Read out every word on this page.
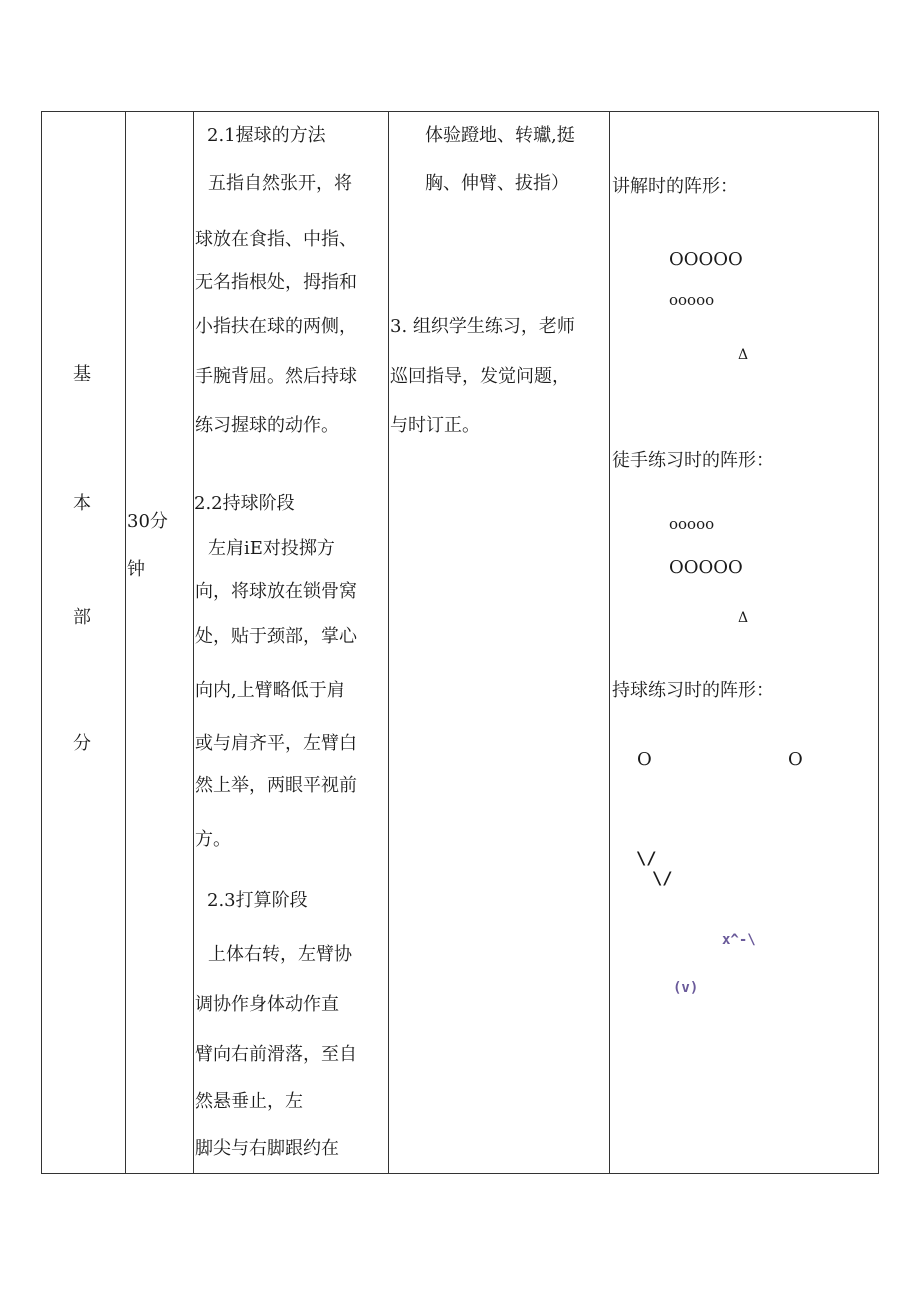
基
本
部
分
30分
钟
2.1握球的方法
五指自然张开，将
球放在食指、中指、
无名指根处，拇指和
小指扶在球的两侧，
手腕背屈。然后持球
练习握球的动作。
2.2持球阶段
左肩iE对投掷方
向，将球放在锁骨窝
处，贴于颈部，掌心
向内,上臂略低于肩
或与肩齐平，左臂白
然上举，两眼平视前
方。
2.3打算阶段
上体右转，左臂协
调协作身体动作直
臂向右前滑落，至自
然悬垂止，左
脚尖与右脚跟约在
体验蹬地、转瓛,挺
胸、伸臂、拔指）
3. 组织学生练习，老师
巡回指导，发觉问题，
与时订正。
讲解时的阵形：
OOOOO
ooooo
Δ
徒手练习时的阵形：
ooooo
OOOOO
Δ
持球练习时的阵形：
O	O
\/
\/
x^-\
(v)
